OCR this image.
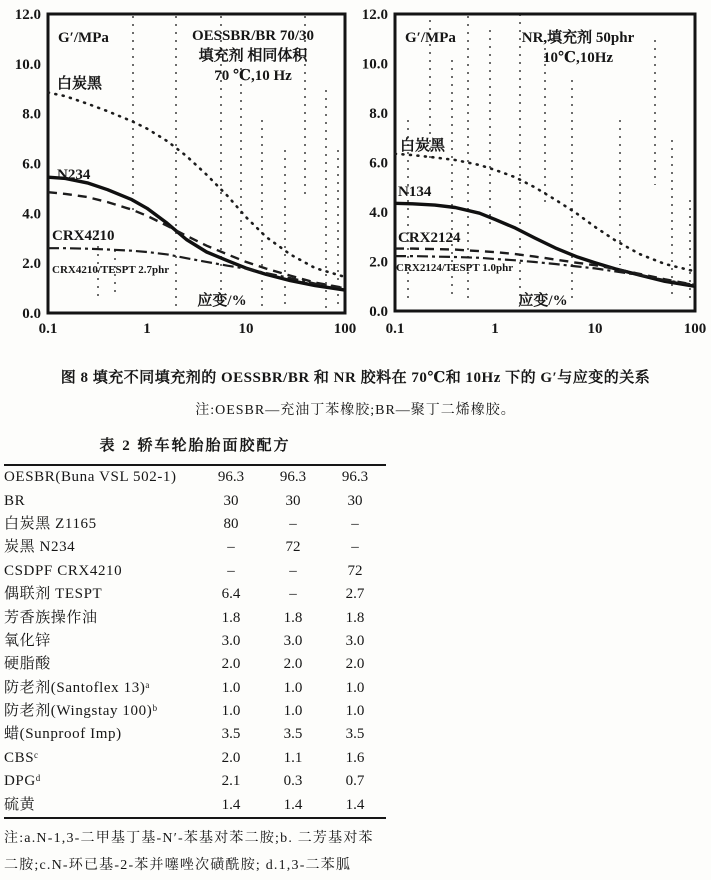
0.0
2.0
4.0
6.0
8.0
10.0
12.0
0.1	1	10	100
G′/MPa	OESSBR/BR 70/30
填充剂 相同体积
70 ℃,10 Hz
应变/%
白炭黑
N234
CRX4210
CRX4210/TESPT 2.7phr
0.0
2.0
4.0
6.0
8.0
10.0
12.0
0.1	1	10	100
G′/MPa	NR,填充剂 50phr
10℃,10Hz
应变/%
白炭黑
N134
CRX2124
CRX2124/TESPT 1.0phr
图 8 填充不同填充剂的 OESSBR/BR 和 NR 胶料在 70℃和 10Hz 下的 G′与应变的关系
注:OESBR—充油丁苯橡胶;BR—聚丁二烯橡胶。
表 2 轿车轮胎胎面胶配方
OESBR(Buna VSL 502-1)	96.3	96.3	96.3
BR	30	30	30
白炭黑 Z1165	80	–	–
炭黑 N234	–	72	–
CSDPF CRX4210	–	–	72
偶联剂 TESPT	6.4	–	2.7
芳香族操作油	1.8	1.8	1.8
氧化锌	3.0	3.0	3.0
硬脂酸	2.0	2.0	2.0
防老剂(Santoflex 13)ᵃ	1.0	1.0	1.0
防老剂(Wingstay 100)ᵇ	1.0	1.0	1.0
蜡(Sunproof Imp)	3.5	3.5	3.5
CBSᶜ	2.0	1.1	1.6
DPGᵈ	2.1	0.3	0.7
硫黄	1.4	1.4	1.4
注:a.N-1,3-二甲基丁基-N′-苯基对苯二胺;b. 二芳基对苯
二胺;c.N-环已基-2-苯并噻唑次磺酰胺; d.1,3-二苯胍
